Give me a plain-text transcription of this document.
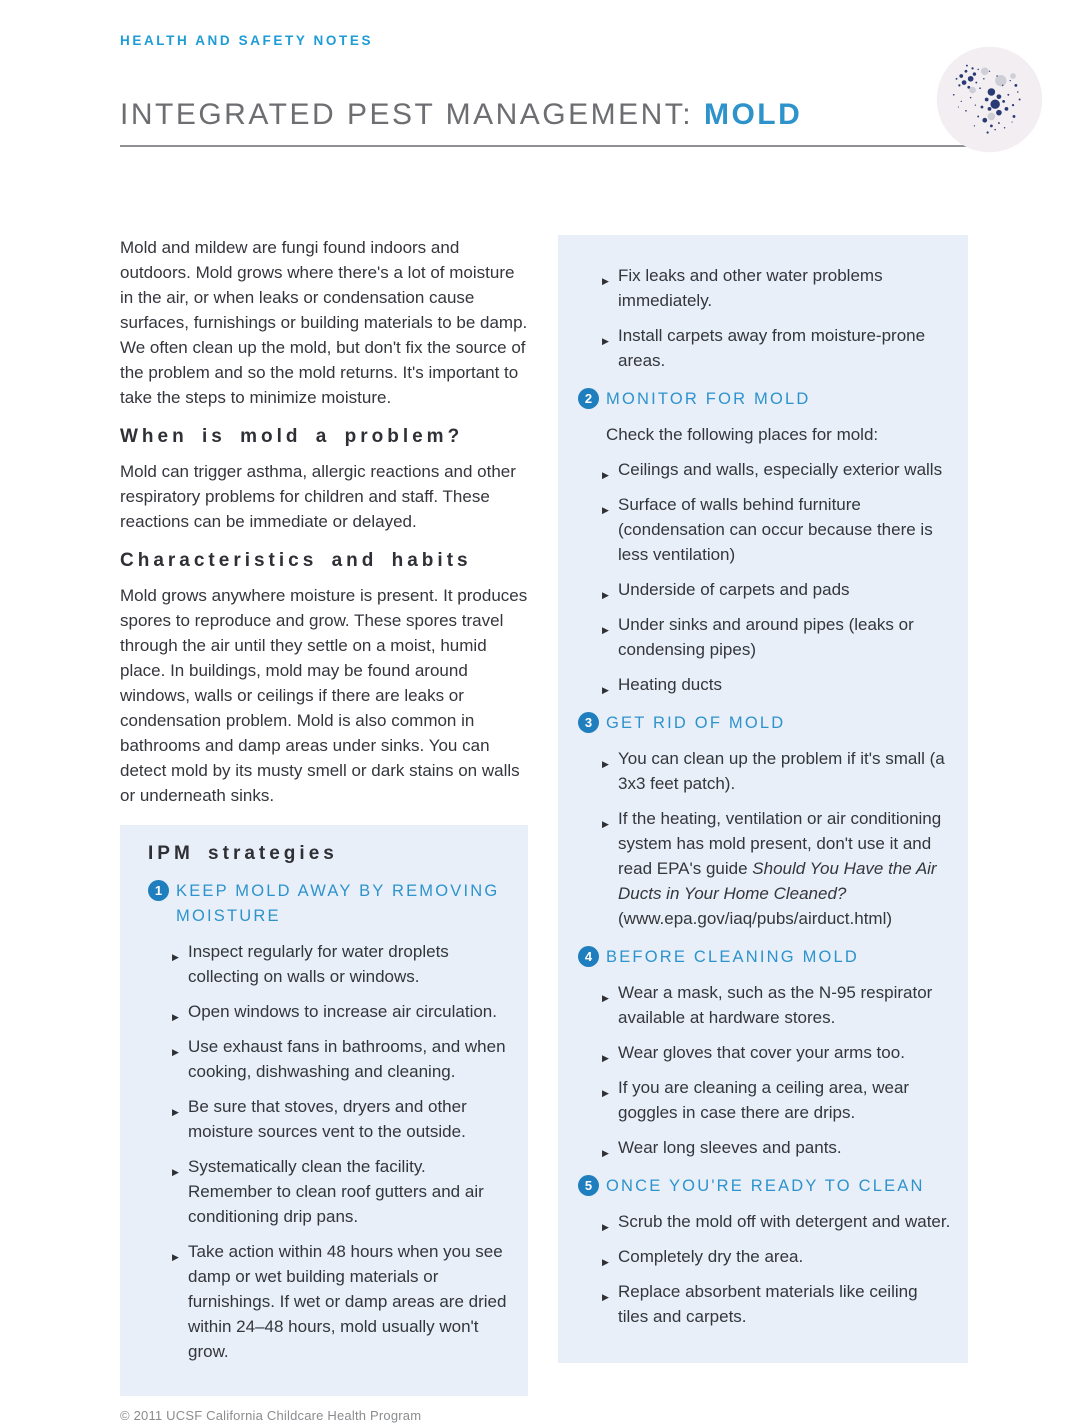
HEALTH AND SAFETY NOTES
INTEGRATED PEST MANAGEMENT: MOLD

Mold and mildew are fungi found indoors and outdoors. Mold grows where there's a lot of moisture in the air, or when leaks or condensation cause surfaces, furnishings or building materials to be damp. We often clean up the mold, but don't fix the source of the problem and so the mold returns. It's important to take the steps to minimize moisture.

When is mold a problem?

Mold can trigger asthma, allergic reactions and other respiratory problems for children and staff. These reactions can be immediate or delayed.

Characteristics and habits

Mold grows anywhere moisture is present. It produces spores to reproduce and grow. These spores travel through the air until they settle on a moist, humid place. In buildings, mold may be found around windows, walls or ceilings if there are leaks or condensation problem. Mold is also common in bathrooms and damp areas under sinks. You can detect mold by its musty smell or dark stains on walls or underneath sinks.

IPM strategies
1 KEEP MOLD AWAY BY REMOVING MOISTURE
▶ Inspect regularly for water droplets collecting on walls or windows.
▶ Open windows to increase air circulation.
▶ Use exhaust fans in bathrooms, and when cooking, dishwashing and cleaning.
▶ Be sure that stoves, dryers and other moisture sources vent to the outside.
▶ Systematically clean the facility. Remember to clean roof gutters and air conditioning drip pans.
▶ Take action within 48 hours when you see damp or wet building materials or furnishings. If wet or damp areas are dried within 24–48 hours, mold usually won't grow.
© 2011 UCSF California Childcare Health Program
▶ Fix leaks and other water problems immediately.
▶ Install carpets away from moisture-prone areas.
2 MONITOR FOR MOLD
Check the following places for mold:
▶ Ceilings and walls, especially exterior walls
▶ Surface of walls behind furniture (condensation can occur because there is less ventilation)
▶ Underside of carpets and pads
▶ Under sinks and around pipes (leaks or condensing pipes)
▶ Heating ducts
3 GET RID OF MOLD
▶ You can clean up the problem if it's small (a 3x3 feet patch).
▶ If the heating, ventilation or air conditioning system has mold present, don't use it and read EPA's guide Should You Have the Air Ducts in Your Home Cleaned? (www.epa.gov/iaq/pubs/airduct.html)
4 BEFORE CLEANING MOLD
▶ Wear a mask, such as the N-95 respirator available at hardware stores.
▶ Wear gloves that cover your arms too.
▶ If you are cleaning a ceiling area, wear goggles in case there are drips.
▶ Wear long sleeves and pants.
5 ONCE YOU'RE READY TO CLEAN
▶ Scrub the mold off with detergent and water.
▶ Completely dry the area.
▶ Replace absorbent materials like ceiling tiles and carpets.
